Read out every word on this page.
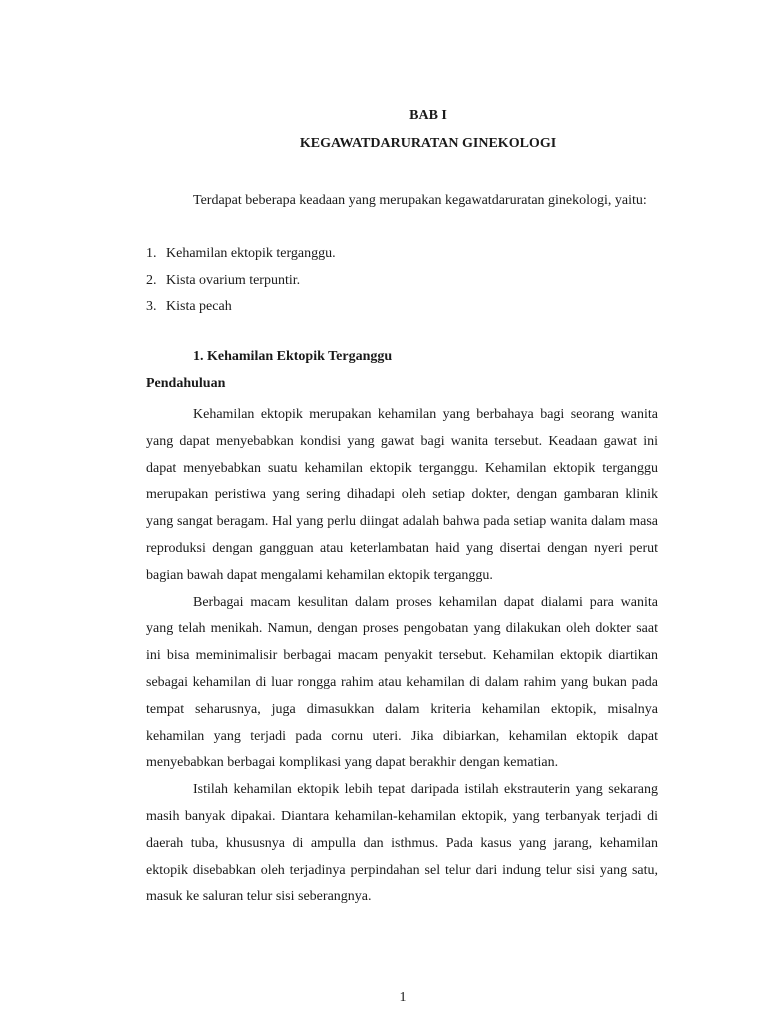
BAB I
KEGAWATDARURATAN GINEKOLOGI
Terdapat beberapa keadaan yang merupakan kegawatdaruratan ginekologi, yaitu:
1. Kehamilan ektopik terganggu.
2. Kista ovarium terpuntir.
3. Kista pecah
1. Kehamilan Ektopik Terganggu
Pendahuluan

Kehamilan ektopik merupakan kehamilan yang berbahaya bagi seorang wanita yang dapat menyebabkan kondisi yang gawat bagi wanita tersebut. Keadaan gawat ini dapat menyebabkan suatu kehamilan ektopik terganggu. Kehamilan ektopik terganggu merupakan peristiwa yang sering dihadapi oleh setiap dokter, dengan gambaran klinik yang sangat beragam. Hal yang perlu diingat adalah bahwa pada setiap wanita dalam masa reproduksi dengan gangguan atau keterlambatan haid yang disertai dengan nyeri perut bagian bawah dapat mengalami kehamilan ektopik terganggu.

Berbagai macam kesulitan dalam proses kehamilan dapat dialami para wanita yang telah menikah. Namun, dengan proses pengobatan yang dilakukan oleh dokter saat ini bisa meminimalisir berbagai macam penyakit tersebut. Kehamilan ektopik diartikan sebagai kehamilan di luar rongga rahim atau kehamilan di dalam rahim yang bukan pada tempat seharusnya, juga dimasukkan dalam kriteria kehamilan ektopik, misalnya kehamilan yang terjadi pada cornu uteri. Jika dibiarkan, kehamilan ektopik dapat menyebabkan berbagai komplikasi yang dapat berakhir dengan kematian.

Istilah kehamilan ektopik lebih tepat daripada istilah ekstrauterin yang sekarang masih banyak dipakai. Diantara kehamilan-kehamilan ektopik, yang terbanyak terjadi di daerah tuba, khususnya di ampulla dan isthmus. Pada kasus yang jarang, kehamilan ektopik disebabkan oleh terjadinya perpindahan sel telur dari indung telur sisi yang satu, masuk ke saluran telur sisi seberangnya.

1
